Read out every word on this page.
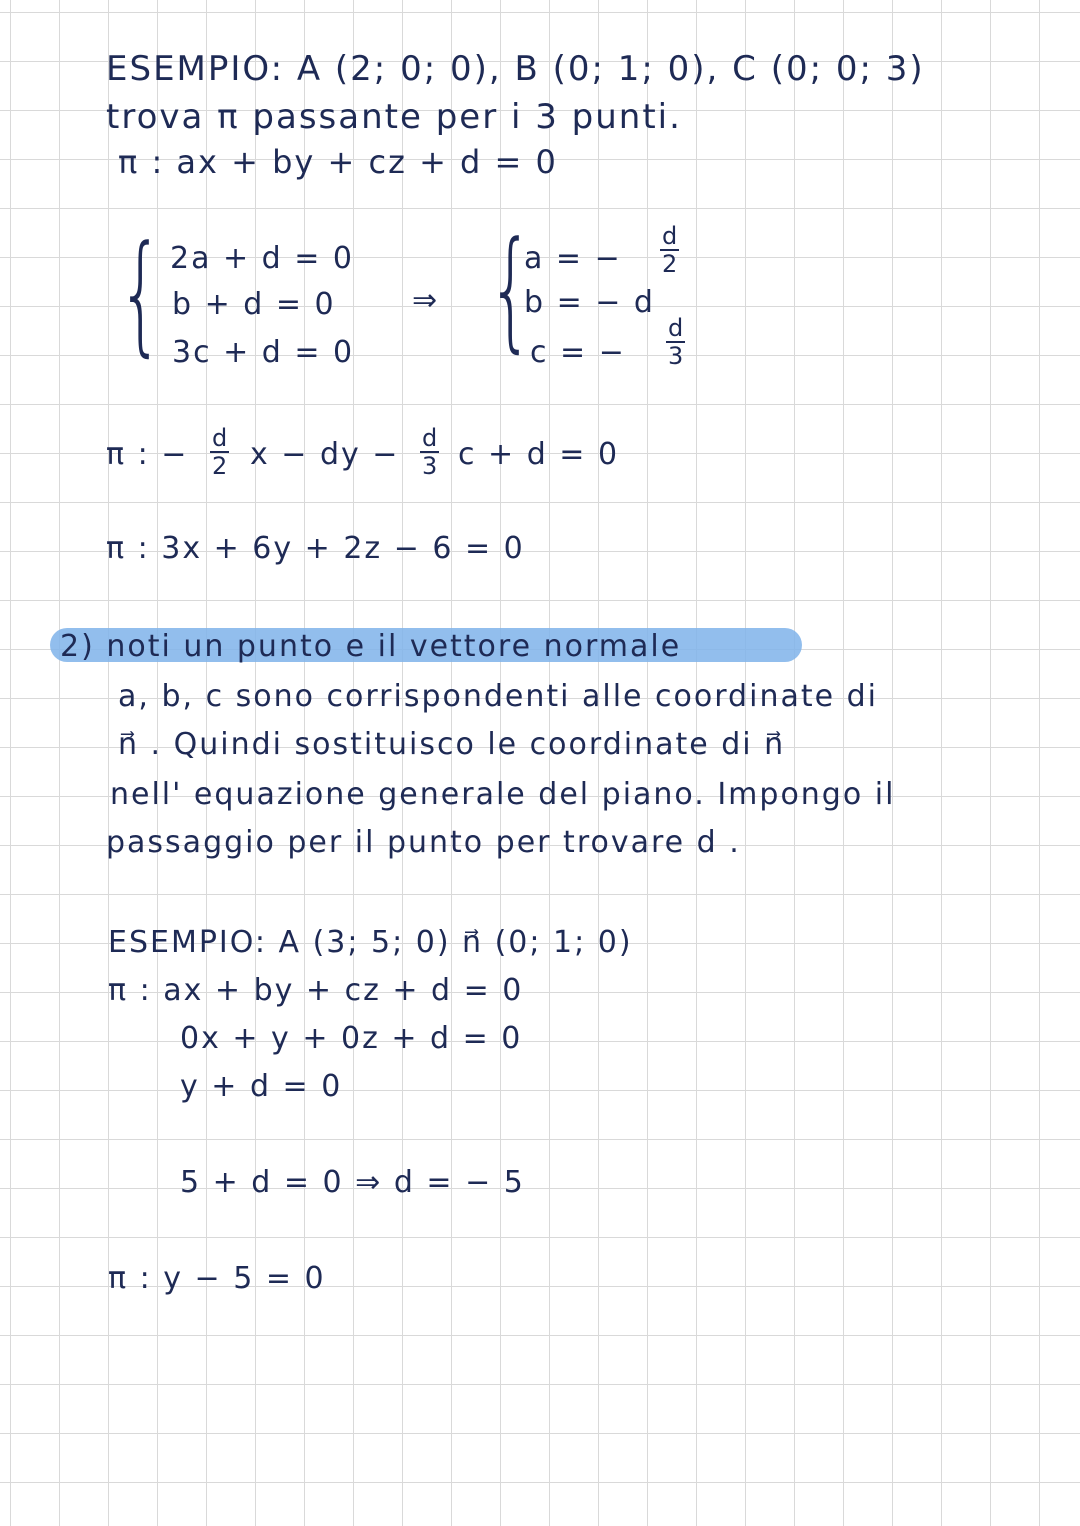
ESEMPIO: A (2; 0; 0), B (0; 1; 0), C (0; 0; 3)
trova π passante per i 3 punti.
π : ax + by + cz + d = 0
{ 2a + d = 0
b + d = 0
3c + d = 0
⇒ {
a = − $\frac{d}{2}$
b = − d
c = − $\frac{d}{3}$
π : − $\frac{d}{2}$ x − dy − $\frac{d}{3}$ c + d = 0
π : 3x + 6y + 2z − 6 = 0
2) noti un punto e il vettore normale
a, b, c sono corrispondenti alle coordinate di
n⃗ . Quindi sostituisco le coordinate di n⃗
nell' equazione generale del piano. Impongo il
passaggio per il punto per trovare d .
ESEMPIO: A (3; 5; 0) n⃗ (0; 1; 0)
π : ax + by + cz + d = 0
0x + y + 0z + d = 0
y + d = 0
5 + d = 0 ⇒ d = − 5
π : y − 5 = 0
